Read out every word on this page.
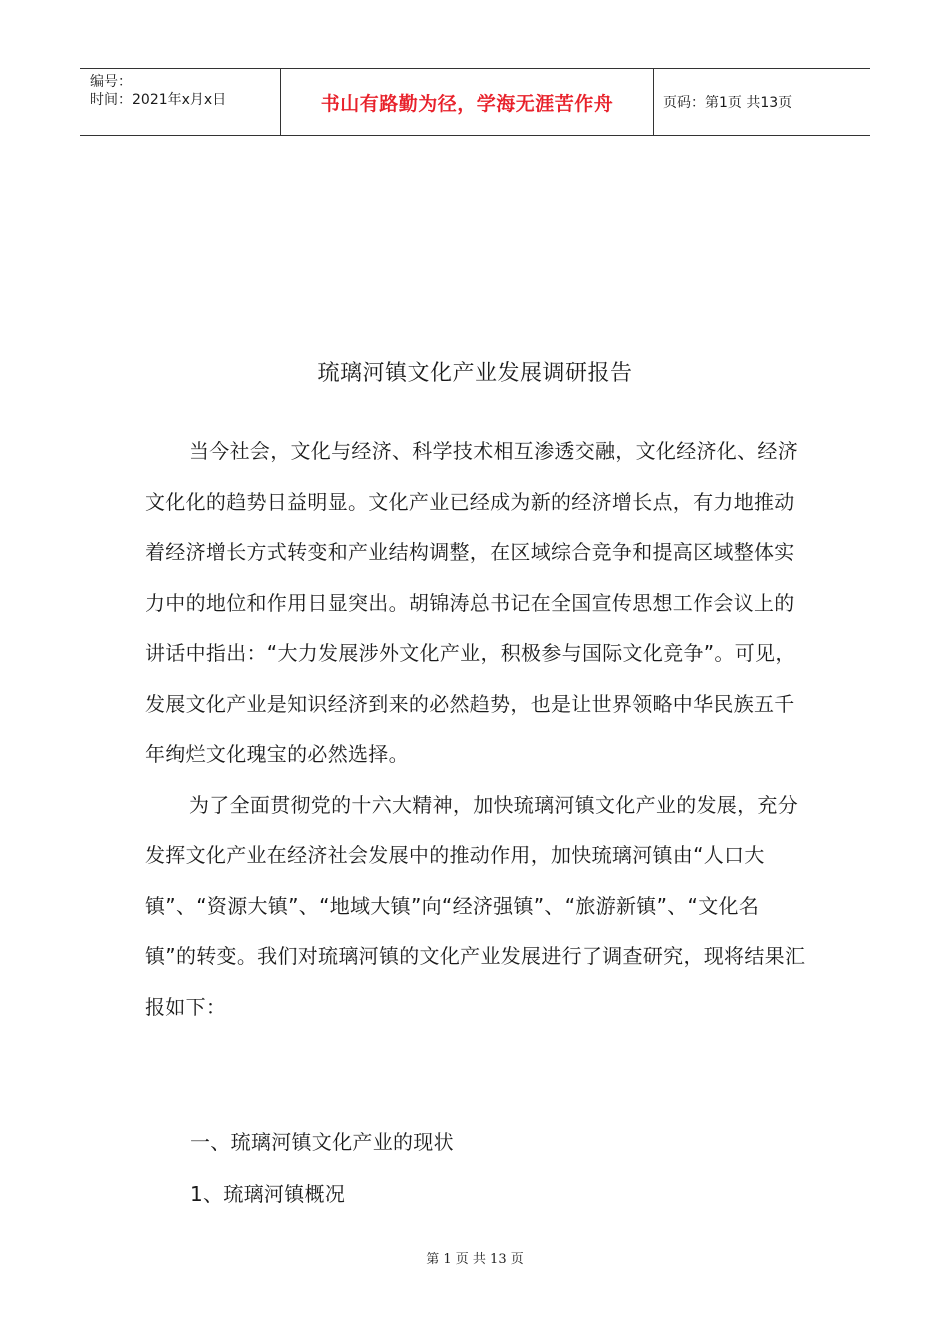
编号：
时间：2021年x月x日	书山有路勤为径，学海无涯苦作舟	页码：第1页 共13页
琉璃河镇文化产业发展调研报告

当今社会，文化与经济、科学技术相互渗透交融，文化经济化、经济文化化的趋势日益明显。文化产业已经成为新的经济增长点，有力地推动着经济增长方式转变和产业结构调整，在区域综合竞争和提高区域整体实力中的地位和作用日显突出。胡锦涛总书记在全国宣传思想工作会议上的讲话中指出：“大力发展涉外文化产业，积极参与国际文化竞争”。可见，发展文化产业是知识经济到来的必然趋势，也是让世界领略中华民族五千年绚烂文化瑰宝的必然选择。

为了全面贯彻党的十六大精神，加快琉璃河镇文化产业的发展，充分发挥文化产业在经济社会发展中的推动作用，加快琉璃河镇由“人口大镇”、“资源大镇”、“地域大镇”向“经济强镇”、“旅游新镇”、“文化名镇”的转变。我们对琉璃河镇的文化产业发展进行了调查研究，现将结果汇报如下：

一、琉璃河镇文化产业的现状
1、琉璃河镇概况
第 1 页 共 13 页
